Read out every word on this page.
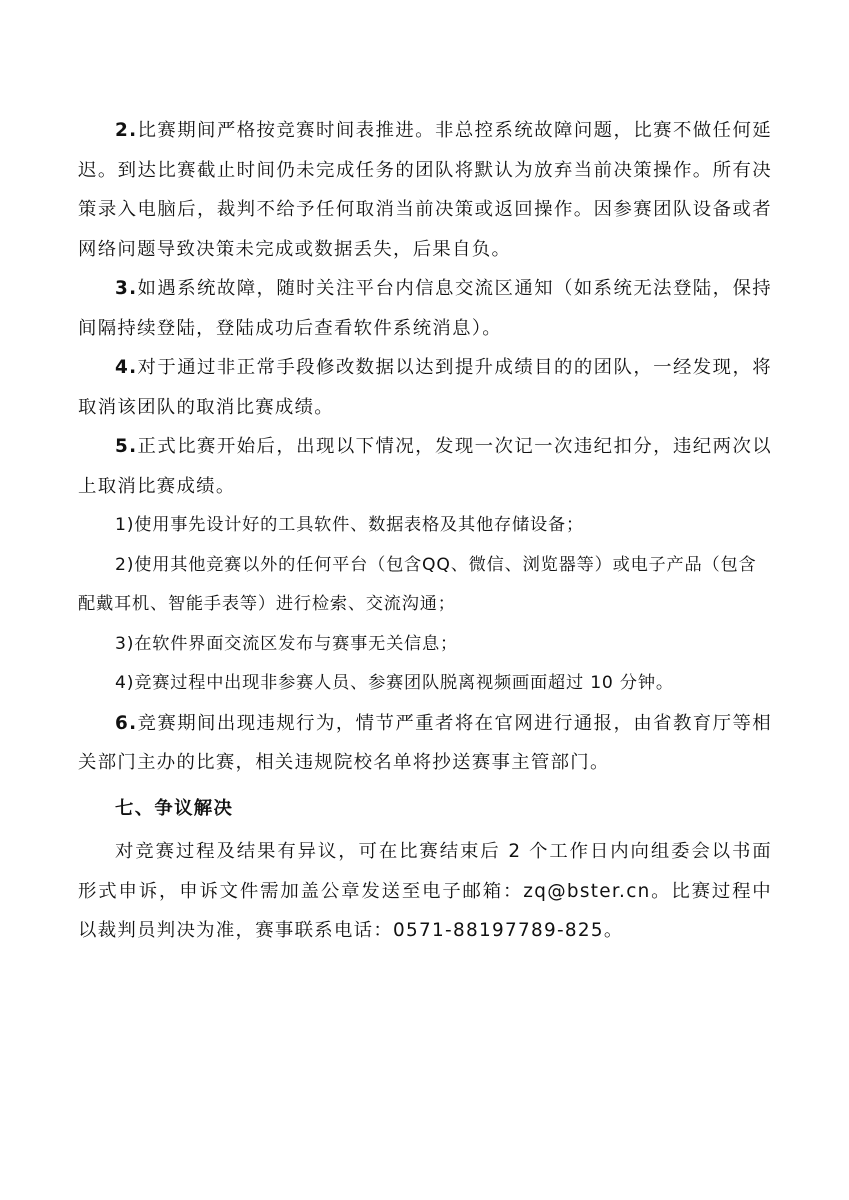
2.比赛期间严格按竞赛时间表推进。非总控系统故障问题，比赛不做任何延迟。到达比赛截止时间仍未完成任务的团队将默认为放弃当前决策操作。所有决策录入电脑后，裁判不给予任何取消当前决策或返回操作。因参赛团队设备或者网络问题导致决策未完成或数据丢失，后果自负。

3.如遇系统故障，随时关注平台内信息交流区通知（如系统无法登陆，保持间隔持续登陆，登陆成功后查看软件系统消息）。

4.对于通过非正常手段修改数据以达到提升成绩目的的团队，一经发现，将取消该团队的取消比赛成绩。

5.正式比赛开始后，出现以下情况，发现一次记一次违纪扣分，违纪两次以上取消比赛成绩。

1)使用事先设计好的工具软件、数据表格及其他存储设备；

2)使用其他竞赛以外的任何平台（包含QQ、微信、浏览器等）或电子产品（包含配戴耳机、智能手表等）进行检索、交流沟通；

3)在软件界面交流区发布与赛事无关信息；

4)竞赛过程中出现非参赛人员、参赛团队脱离视频画面超过 10 分钟。

6.竞赛期间出现违规行为，情节严重者将在官网进行通报，由省教育厅等相关部门主办的比赛，相关违规院校名单将抄送赛事主管部门。

七、争议解决

对竞赛过程及结果有异议，可在比赛结束后 2 个工作日内向组委会以书面形式申诉，申诉文件需加盖公章发送至电子邮箱：zq@bster.cn。比赛过程中以裁判员判决为准，赛事联系电话：0571-88197789-825。
